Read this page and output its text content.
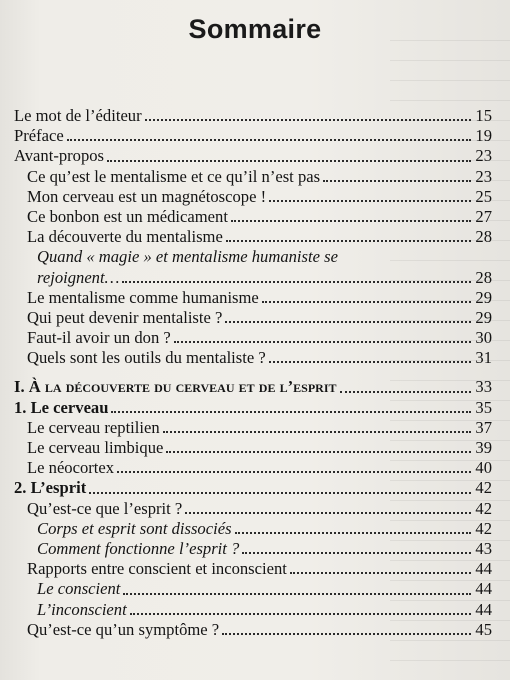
Sommaire
Le mot de l’éditeur	15
Préface	19
Avant-propos	23
Ce qu’est le mentalisme et ce qu’il n’est pas	23
Mon cerveau est un magnétoscope !	25
Ce bonbon est un médicament	27
La découverte du mentalisme	28
Quand « magie » et mentalisme humaniste se
rejoignent…	28
Le mentalisme comme humanisme	29
Qui peut devenir mentaliste ?	29
Faut-il avoir un don ?	30
Quels sont les outils du mentaliste ?	31
I. À la découverte du cerveau et de l’esprit	33
1. Le cerveau	35
Le cerveau reptilien	37
Le cerveau limbique	39
Le néocortex	40
2. L’esprit	42
Qu’est-ce que l’esprit ?	42
Corps et esprit sont dissociés	42
Comment fonctionne l’esprit ?	43
Rapports entre conscient et inconscient	44
Le conscient	44
L’inconscient	44
Qu’est-ce qu’un symptôme ?	45
